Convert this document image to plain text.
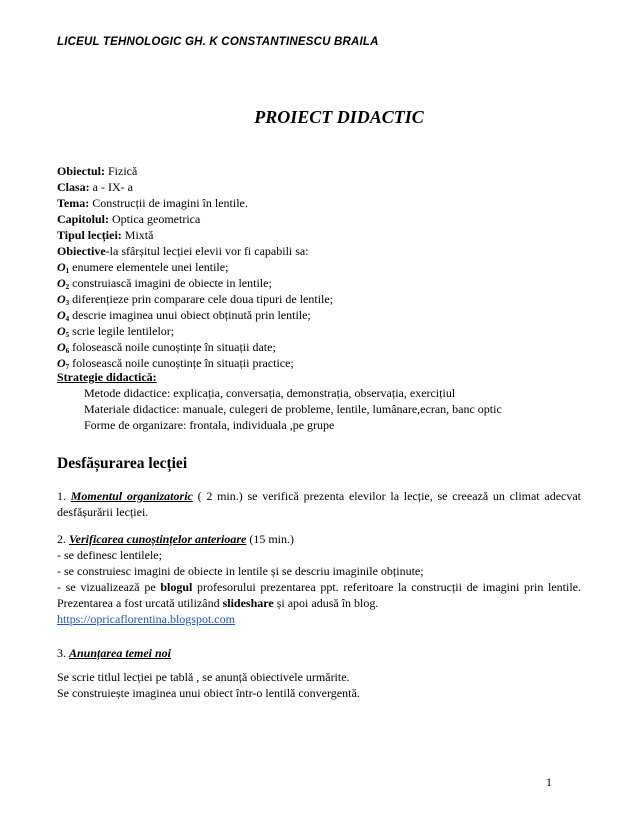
LICEUL TEHNOLOGIC GH. K CONSTANTINESCU BRAILA
PROIECT DIDACTIC
Obiectul: Fizică
Clasa: a - IX- a
Tema: Construcții de imagini în lentile.
Capitolul: Optica geometrica
Tipul lecției: Mixtă
Obiective-la sfârșitul lecției elevii vor fi capabili sa:
$O_1$ enumere elementele unei lentile;
$O_2$ construiască imagini de obiecte in lentile;
$O_3$ diferențieze prin comparare cele doua tipuri de lentile;
$O_4$ descrie imaginea unui obiect obținută prin lentile;
$O_5$ scrie legile lentilelor;
$O_6$ folosească noile cunoștințe în situații date;
$O_7$ folosească noile cunoștințe în situații practice;
Strategie didactică:
Metode didactice: explicația, conversația, demonstrația, observația, exercițiul
Materiale didactice: manuale, culegeri de probleme, lentile, lumânare,ecran, banc optic
Forme de organizare: frontala, individuala ,pe grupe
Desfășurarea lecției
1. Momentul organizatoric ( 2 min.) se verifică prezenta elevilor la lecție, se creează un climat adecvat desfășurării lecției.
2. Verificarea cunoștințelor anterioare (15 min.)
- se definesc lentilele;
- se construiesc imagini de obiecte in lentile și se descriu imaginile obținute;
- se vizualizează pe blogul profesorului prezentarea ppt. referitoare la construcții de imagini prin lentile. Prezentarea a fost urcată utilizând slideshare și apoi adusă în blog.
https://opricaflorentina.blogspot.com
3. Anunțarea temei noi
Se scrie titlul lecției pe tablă , se anunță obiectivele urmărite.
Se construiește imaginea unui obiect într-o lentilă convergentă.
1
